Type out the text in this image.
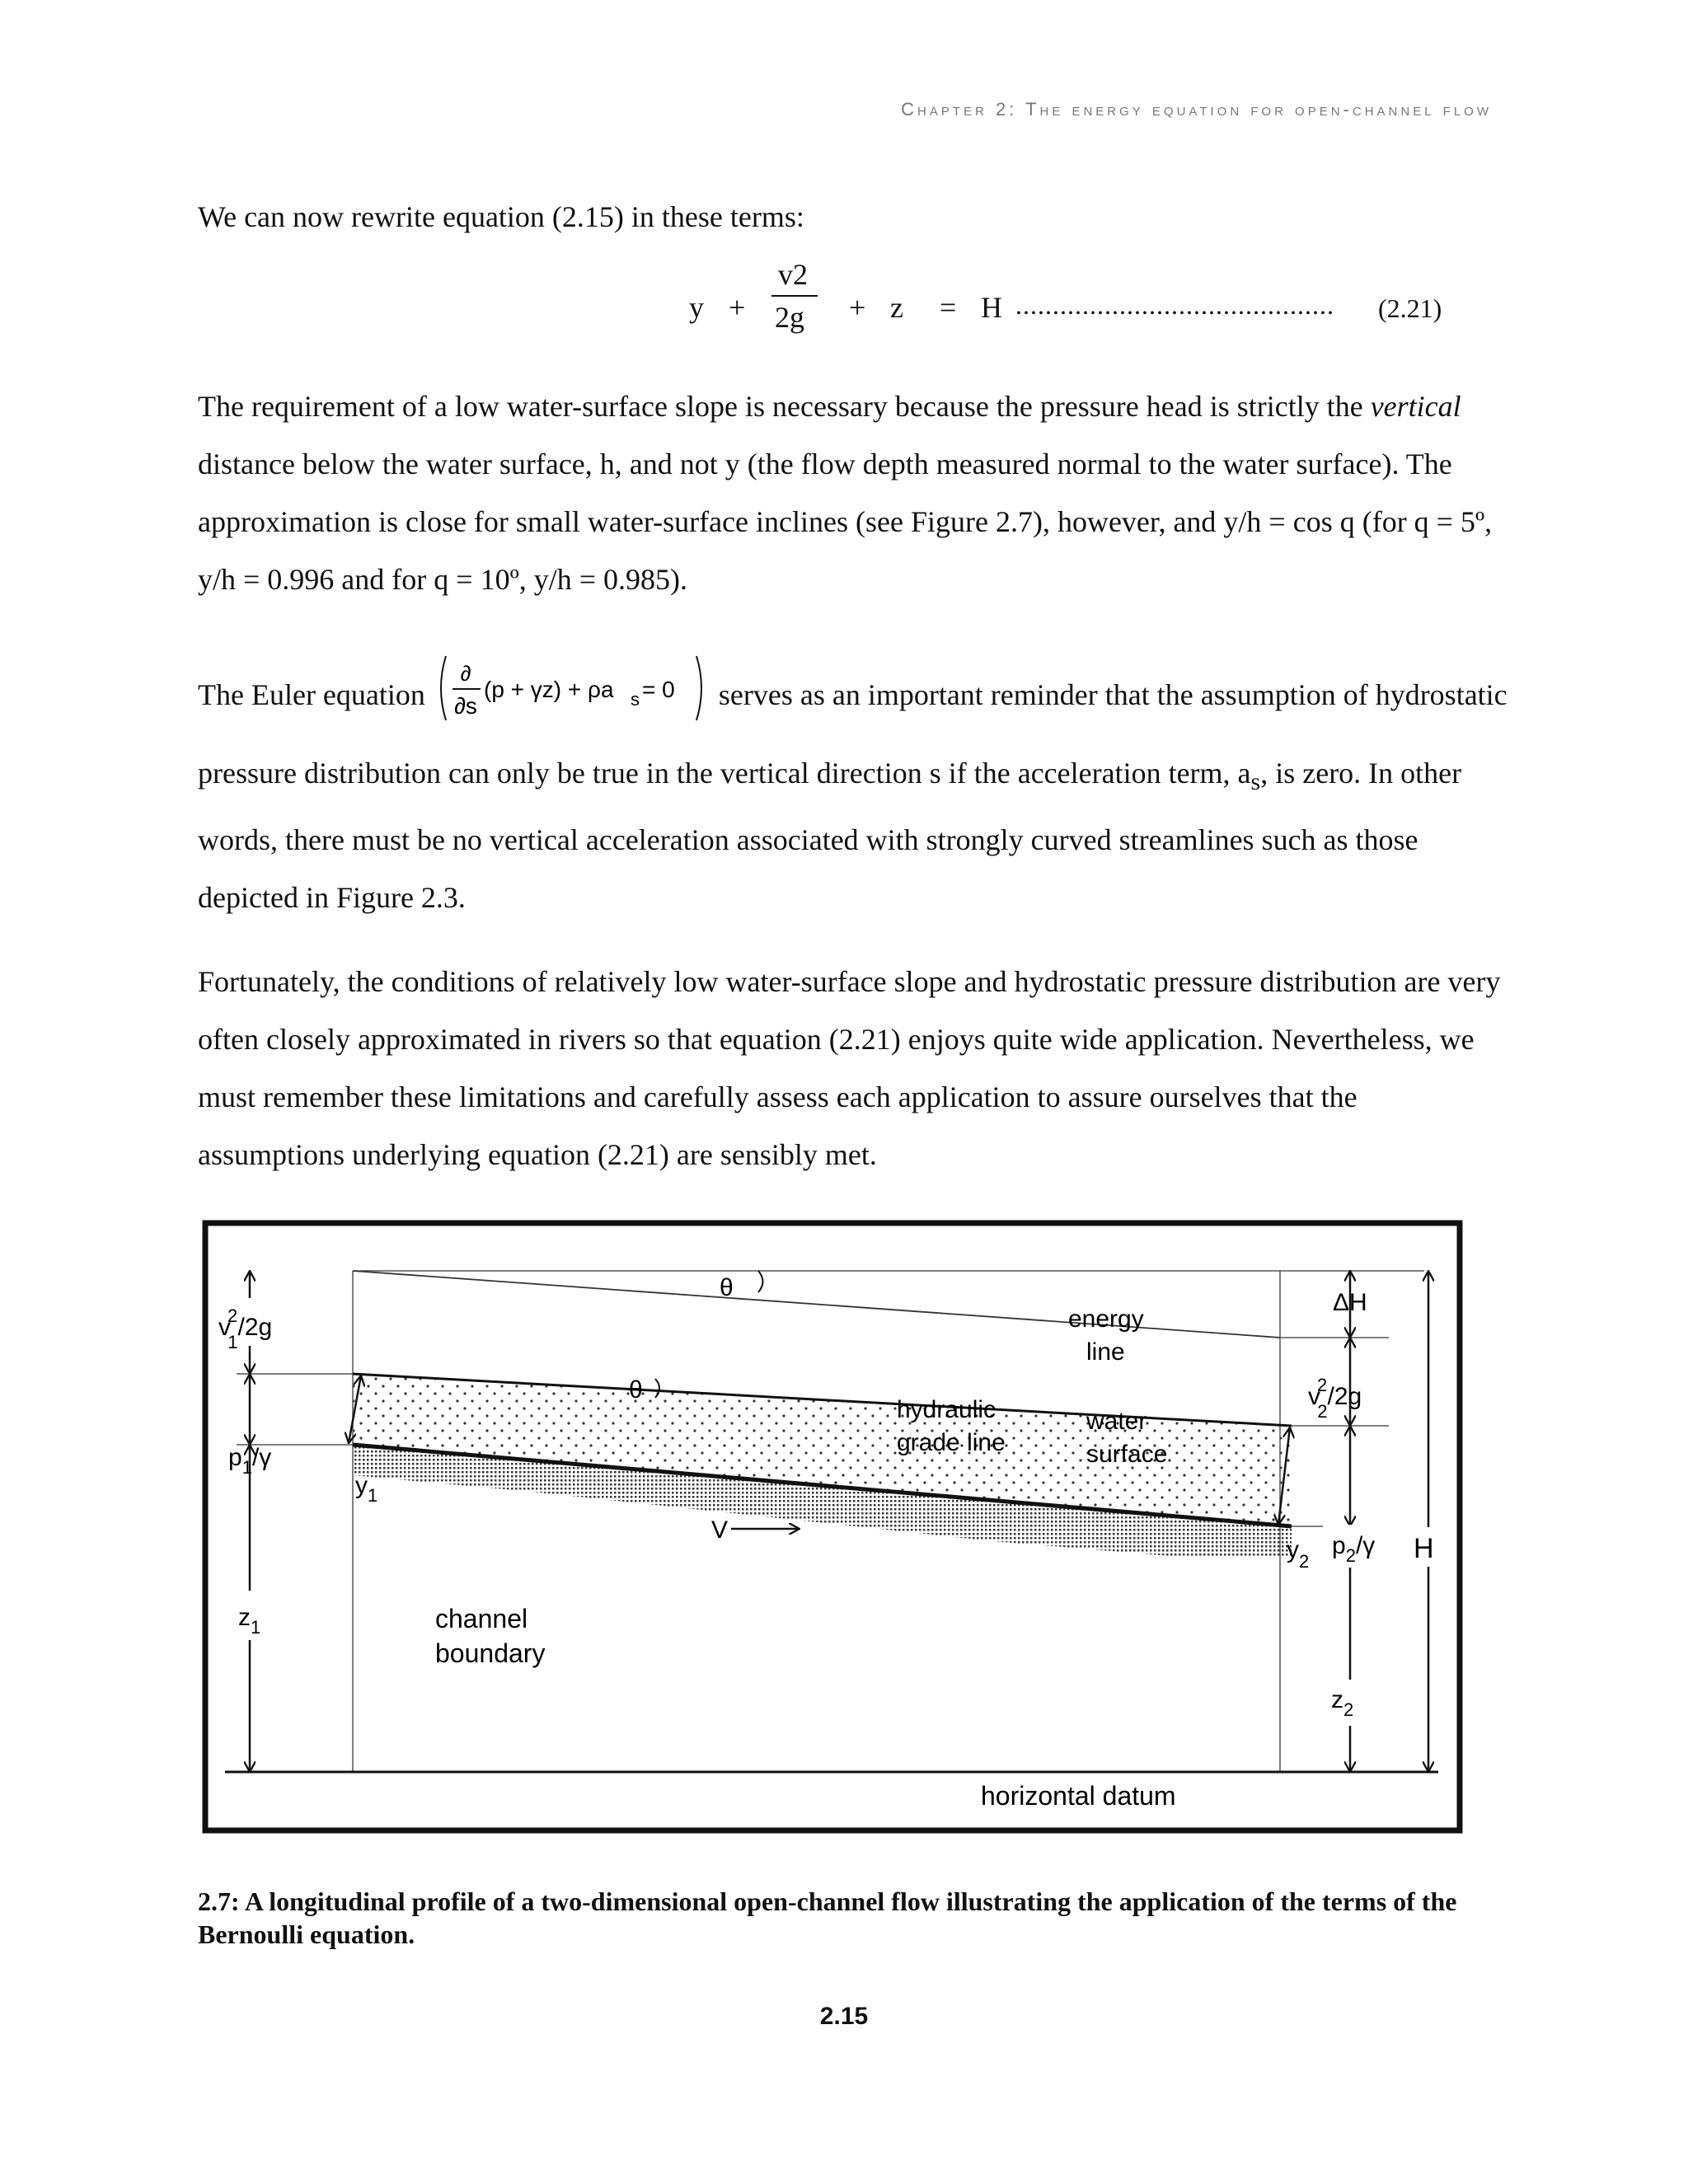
Chapter 2: The energy equation for open-channel flow

We can now rewrite equation (2.15) in these terms:

y +
v2
2g + z = H ........................................... (2.21)

The requirement of a low water-surface slope is necessary because the pressure head is strictly the vertical distance below the water surface, h, and not y (the flow depth measured normal to the water surface). The approximation is close for small water-surface inclines (see Figure 2.7), however, and y/h = cos q (for q = 5º, y/h = 0.996 and for q = 10º, y/h = 0.985).

The Euler equation
∂
∂s
(p + γz) + ρa s = 0 serves as an important reminder that the assumption of hydrostatic pressure distribution can only be true in the vertical direction s if the acceleration term, $a_s$, is zero. In other words, there must be no vertical acceleration associated with strongly curved streamlines such as those depicted in Figure 2.3.

Fortunately, the conditions of relatively low water-surface slope and hydrostatic pressure distribution are very often closely approximated in rivers so that equation (2.21) enjoys quite wide application. Nevertheless, we must remember these limitations and carefully assess each application to assure ourselves that the assumptions underlying equation (2.21) are sensibly met.

θ
θ
energy
line
hydraulic
grade line
water
surface
V
channel
boundary
horizontal datum
v2 1/2g
$p_1/\gamma$
$y_1$
$z_1$
ΔH
v2 2/2g
$p_2/\gamma$
$y_2$
$z_2$
H

2.7: A longitudinal profile of a two-dimensional open-channel flow illustrating the application of the terms of the Bernoulli equation.

2.15
